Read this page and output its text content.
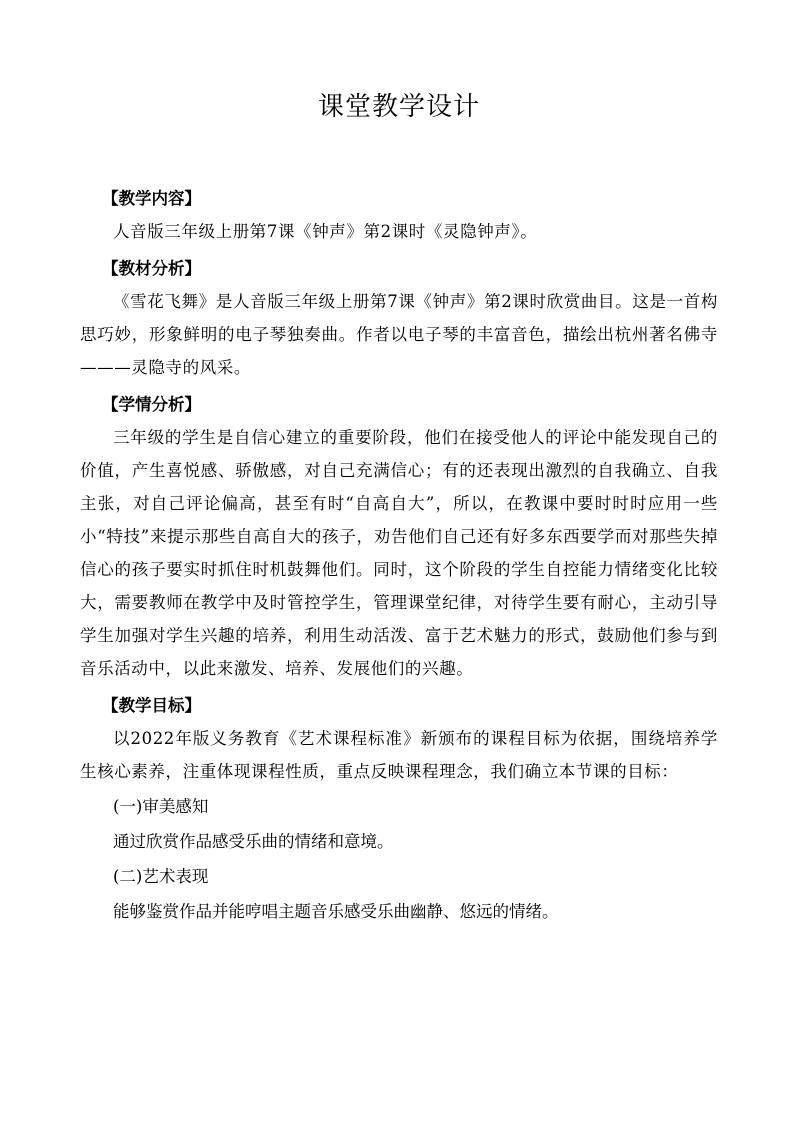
课堂教学设计

【教学内容】

人音版三年级上册第7课《钟声》第2课时《灵隐钟声》。

【教材分析】

《雪花飞舞》是人音版三年级上册第7课《钟声》第2课时欣赏曲目。这是一首构思巧妙，形象鲜明的电子琴独奏曲。作者以电子琴的丰富音色，描绘出杭州著名佛寺———灵隐寺的风采。

【学情分析】

三年级的学生是自信心建立的重要阶段，他们在接受他人的评论中能发现自己的价值，产生喜悦感、骄傲感，对自己充满信心；有的还表现出激烈的自我确立、自我主张，对自己评论偏高，甚至有时“自高自大”，所以，在教课中要时时时应用一些小“特技”来提示那些自高自大的孩子，劝告他们自己还有好多东西要学而对那些失掉信心的孩子要实时抓住时机鼓舞他们。同时，这个阶段的学生自控能力情绪变化比较大，需要教师在教学中及时管控学生，管理课堂纪律，对待学生要有耐心，主动引导学生加强对学生兴趣的培养，利用生动活泼、富于艺术魅力的形式，鼓励他们参与到音乐活动中，以此来激发、培养、发展他们的兴趣。

【教学目标】

以2022年版义务教育《艺术课程标准》新颁布的课程目标为依据，围绕培养学生核心素养，注重体现课程性质，重点反映课程理念，我们确立本节课的目标：

(一)审美感知

通过欣赏作品感受乐曲的情绪和意境。

(二)艺术表现

能够鉴赏作品并能哼唱主题音乐感受乐曲幽静、悠远的情绪。
